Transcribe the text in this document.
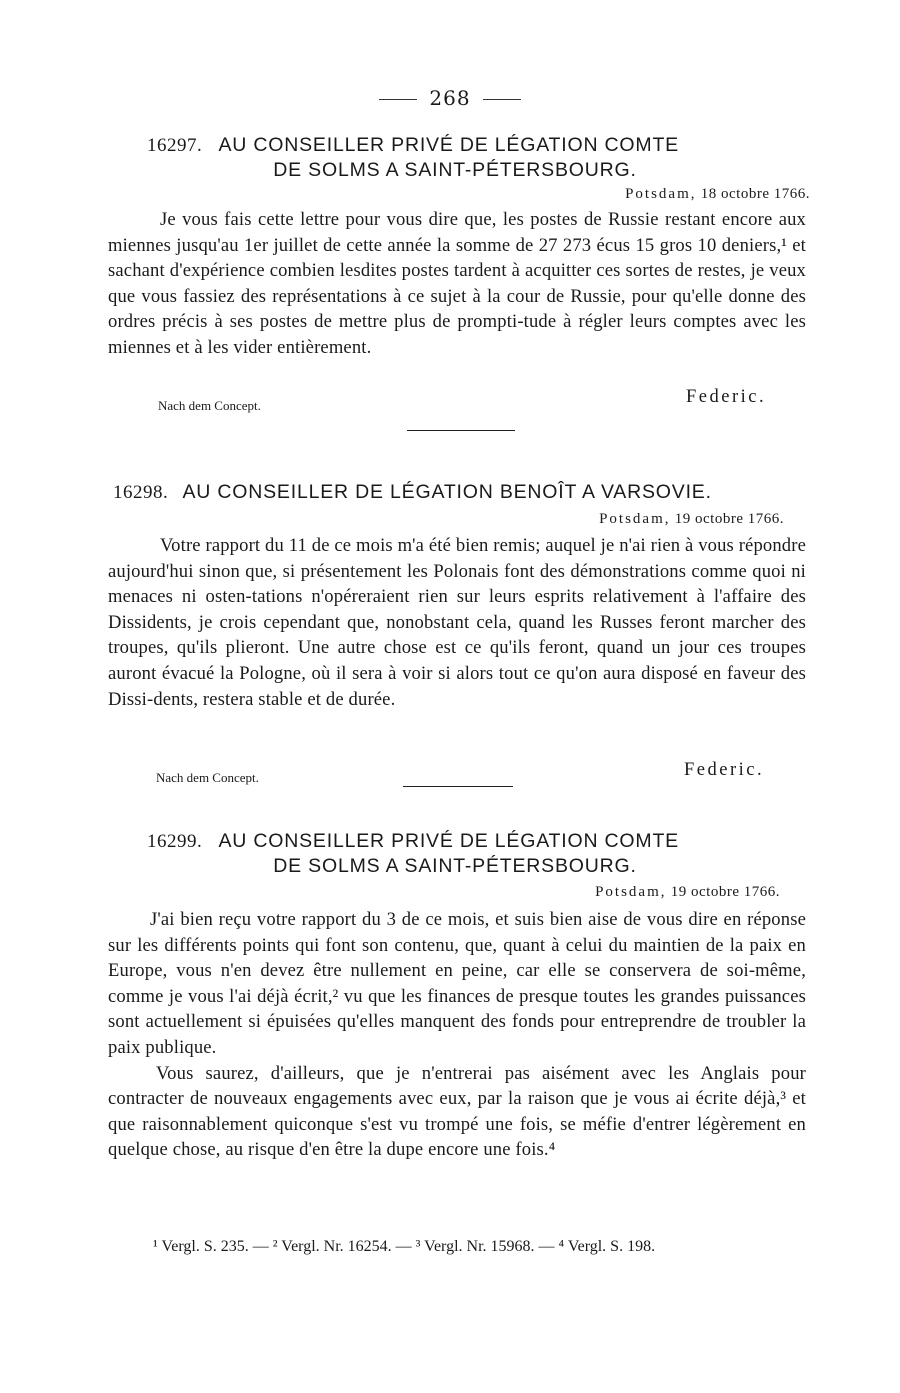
268
16297. AU CONSEILLER PRIVÉ DE LÉGATION COMTE
DE SOLMS A SAINT-PÉTERSBOURG.
Potsdam, 18 octobre 1766.

Je vous fais cette lettre pour vous dire que, les postes de Russie restant encore aux miennes jusqu'au 1er juillet de cette année la somme de 27 273 écus 15 gros 10 deniers,¹ et sachant d'expérience combien lesdites postes tardent à acquitter ces sortes de restes, je veux que vous fassiez des représentations à ce sujet à la cour de Russie, pour qu'elle donne des ordres précis à ses postes de mettre plus de prompti-tude à régler leurs comptes avec les miennes et à les vider entièrement.

Nach dem Concept.	Federic.
16298. AU CONSEILLER DE LÉGATION BENOÎT A VARSOVIE.
Potsdam, 19 octobre 1766.

Votre rapport du 11 de ce mois m'a été bien remis; auquel je n'ai rien à vous répondre aujourd'hui sinon que, si présentement les Polonais font des démonstrations comme quoi ni menaces ni osten-tations n'opéreraient rien sur leurs esprits relativement à l'affaire des Dissidents, je crois cependant que, nonobstant cela, quand les Russes feront marcher des troupes, qu'ils plieront. Une autre chose est ce qu'ils feront, quand un jour ces troupes auront évacué la Pologne, où il sera à voir si alors tout ce qu'on aura disposé en faveur des Dissi-dents, restera stable et de durée.

Nach dem Concept.	Federic.
16299. AU CONSEILLER PRIVÉ DE LÉGATION COMTE
DE SOLMS A SAINT-PÉTERSBOURG.
Potsdam, 19 octobre 1766.

J'ai bien reçu votre rapport du 3 de ce mois, et suis bien aise de vous dire en réponse sur les différents points qui font son contenu, que, quant à celui du maintien de la paix en Europe, vous n'en devez être nullement en peine, car elle se conservera de soi-même, comme je vous l'ai déjà écrit,² vu que les finances de presque toutes les grandes puissances sont actuellement si épuisées qu'elles manquent des fonds pour entreprendre de troubler la paix publique.

Vous saurez, d'ailleurs, que je n'entrerai pas aisément avec les Anglais pour contracter de nouveaux engagements avec eux, par la raison que je vous ai écrite déjà,³ et que raisonnablement quiconque s'est vu trompé une fois, se méfie d'entrer légèrement en quelque chose, au risque d'en être la dupe encore une fois.⁴

¹ Vergl. S. 235. — ² Vergl. Nr. 16254. — ³ Vergl. Nr. 15968. — ⁴ Vergl. S. 198.
